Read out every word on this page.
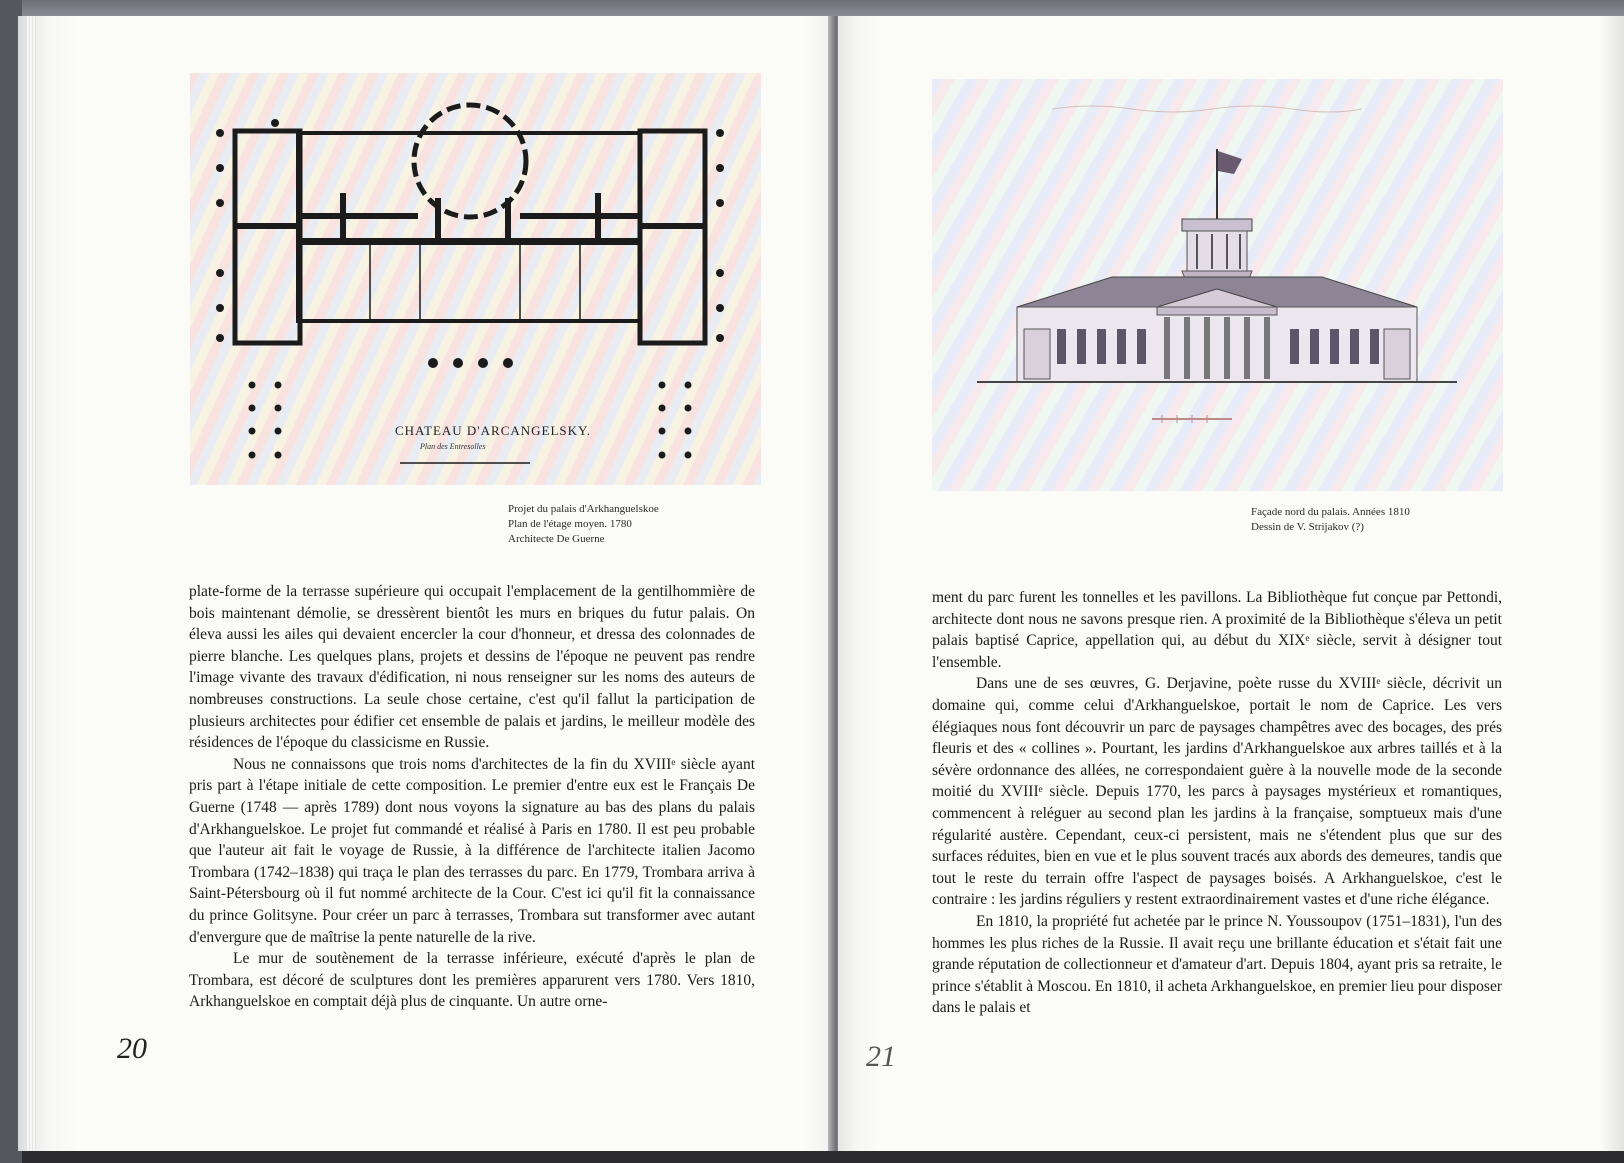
CHATEAU D'ARCANGELSKY.
Plan des Entresolles
Projet du palais d'Arkhanguelskoe
Plan de l'étage moyen. 1780
Architecte De Guerne

plate-forme de la terrasse supérieure qui occupait l'emplacement de la gentilhommière de bois maintenant démolie, se dressèrent bientôt les murs en briques du futur palais. On éleva aussi les ailes qui devaient encercler la cour d'honneur, et dressa des colonnades de pierre blanche. Les quelques plans, projets et dessins de l'époque ne peuvent pas rendre l'image vivante des travaux d'édification, ni nous renseigner sur les noms des auteurs de nombreuses constructions. La seule chose certaine, c'est qu'il fallut la participation de plusieurs architectes pour édifier cet ensemble de palais et jardins, le meilleur modèle des résidences de l'époque du classicisme en Russie.

Nous ne connaissons que trois noms d'architectes de la fin du XVIIIᵉ siècle ayant pris part à l'étape initiale de cette composition. Le premier d'entre eux est le Français De Guerne (1748 — après 1789) dont nous voyons la signature au bas des plans du palais d'Arkhanguelskoe. Le projet fut commandé et réalisé à Paris en 1780. Il est peu probable que l'auteur ait fait le voyage de Russie, à la différence de l'architecte italien Jacomo Trombara (1742–1838) qui traça le plan des terrasses du parc. En 1779, Trombara arriva à Saint-Pétersbourg où il fut nommé architecte de la Cour. C'est ici qu'il fit la connaissance du prince Golitsyne. Pour créer un parc à terrasses, Trombara sut transformer avec autant d'envergure que de maîtrise la pente naturelle de la rive.

Le mur de soutènement de la terrasse inférieure, exécuté d'après le plan de Trombara, est décoré de sculptures dont les premières apparurent vers 1780. Vers 1810, Arkhanguelskoe en comptait déjà plus de cinquante. Un autre orne-

20
Façade nord du palais. Années 1810
Dessin de V. Strijakov (?)

ment du parc furent les tonnelles et les pavillons. La Bibliothèque fut conçue par Pettondi, architecte dont nous ne savons presque rien. A proximité de la Bibliothèque s'éleva un petit palais baptisé Caprice, appellation qui, au début du XIXᵉ siècle, servit à désigner tout l'ensemble.

Dans une de ses œuvres, G. Derjavine, poète russe du XVIIIᵉ siècle, décrivit un domaine qui, comme celui d'Arkhanguelskoe, portait le nom de Caprice. Les vers élégiaques nous font découvrir un parc de paysages champêtres avec des bocages, des prés fleuris et des « collines ». Pourtant, les jardins d'Arkhanguelskoe aux arbres taillés et à la sévère ordonnance des allées, ne correspondaient guère à la nouvelle mode de la seconde moitié du XVIIIᵉ siècle. Depuis 1770, les parcs à paysages mystérieux et romantiques, commencent à reléguer au second plan les jardins à la française, somptueux mais d'une régularité austère. Cependant, ceux-ci persistent, mais ne s'étendent plus que sur des surfaces réduites, bien en vue et le plus souvent tracés aux abords des demeures, tandis que tout le reste du terrain offre l'aspect de paysages boisés. A Arkhanguelskoe, c'est le contraire : les jardins réguliers y restent extraordinairement vastes et d'une riche élégance.

En 1810, la propriété fut achetée par le prince N. Youssoupov (1751–1831), l'un des hommes les plus riches de la Russie. Il avait reçu une brillante éducation et s'était fait une grande réputation de collectionneur et d'amateur d'art. Depuis 1804, ayant pris sa retraite, le prince s'établit à Moscou. En 1810, il acheta Arkhanguelskoe, en premier lieu pour disposer dans le palais et

21
